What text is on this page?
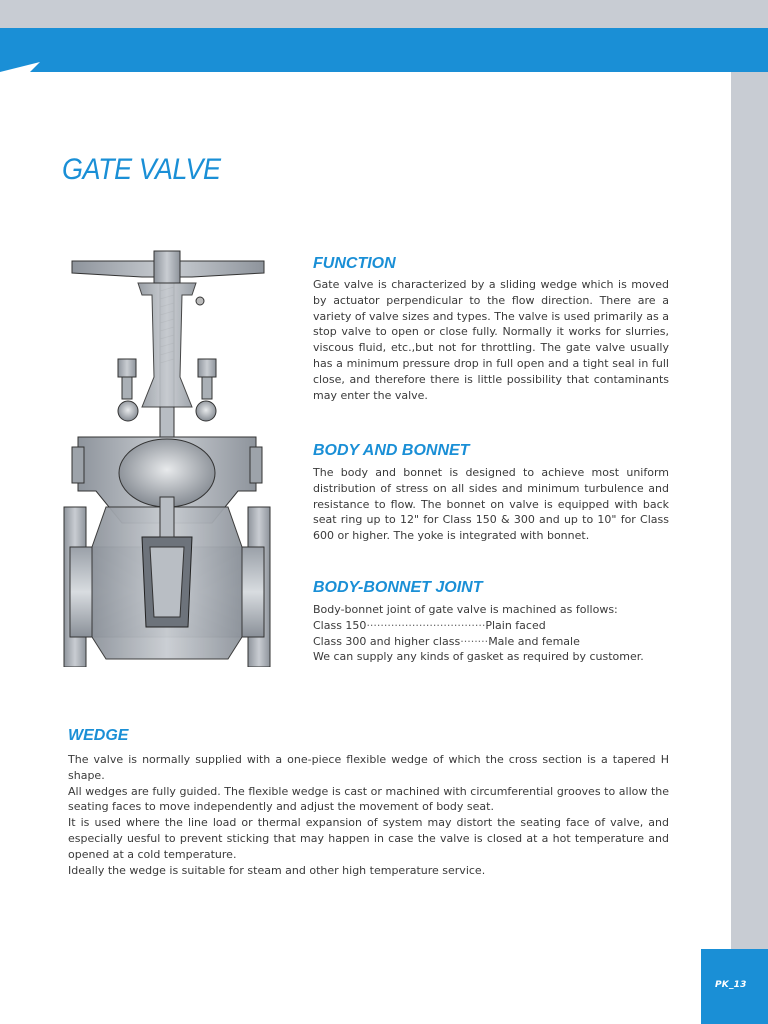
GATE VALVE
FUNCTION

Gate valve is characterized by a sliding wedge which is moved by actuator perpendicular to the flow direction. There are a variety of valve sizes and types. The valve is used primarily as a stop valve to open or close fully. Normally it works for slurries, viscous fluid, etc.,but not for throttling. The gate valve usually has a minimum pressure drop in full open and a tight seal in full close, and therefore there is little possibility that contaminants may enter the valve.

BODY AND BONNET

The body and bonnet is designed to achieve most uniform distribution of stress on all sides and minimum turbulence and resistance to flow. The bonnet on valve is equipped with back seat ring up to 12" for Class 150 & 300 and up to 10" for Class 600 or higher. The yoke is integrated with bonnet.

BODY-BONNET JOINT

Body-bonnet joint of gate valve is machined as follows:

Class 150 ·································· Plain faced
Class 300 and higher class ········ Male and female

We can supply any kinds of gasket as required by customer.

WEDGE

The valve is normally supplied with a one-piece flexible wedge of which the cross section is a tapered H shape.

All wedges are fully guided. The flexible wedge is cast or machined with circumferential grooves to allow the seating faces to move independently and adjust the movement of body seat.

It is used where the line load or thermal expansion of system may distort the seating face of valve, and especially uesful to prevent sticking that may happen in case the valve is closed at a hot temperature and opened at a cold temperature.

Ideally the wedge is suitable for steam and other high temperature service.

PK_13
